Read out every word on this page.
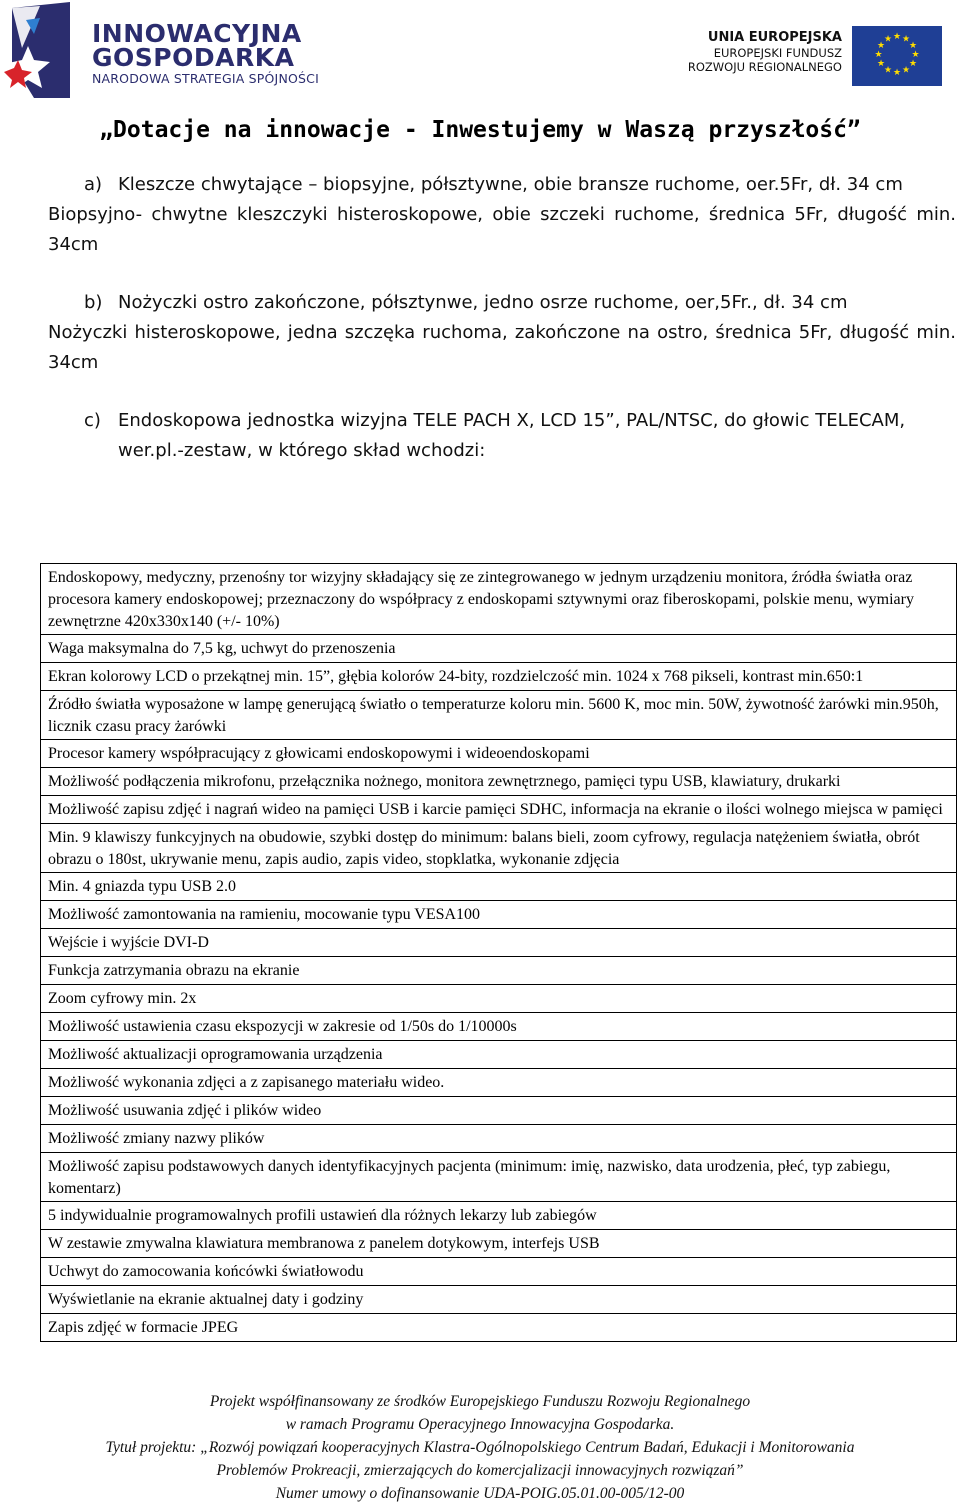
INNOWACYJNA
GOSPODARKA
NARODOWA STRATEGIA SPÓJNOŚCI
UNIA EUROPEJSKA
EUROPEJSKI FUNDUSZ
ROZWOJU REGIONALNEGO
★ ★
★
★
★
★
★
★
★
★
★
★
„Dotacje na innowacje - Inwestujemy w Waszą przyszłość”
a) Kleszcze chwytające – biopsyjne, półsztywne, obie bransze ruchome, oer.5Fr, dł. 34 cm
Biopsyjno- chwytne kleszczyki histeroskopowe, obie szczeki ruchome, średnica 5Fr, długość min. 34cm
b) Nożyczki ostro zakończone, półsztynwe, jedno osrze ruchome, oer,5Fr., dł. 34 cm
Nożyczki histeroskopowe, jedna szczęka ruchoma, zakończone na ostro, średnica 5Fr, długość min. 34cm
c) Endoskopowa jednostka wizyjna TELE PACH X, LCD 15”, PAL/NTSC, do głowic TELECAM, wer.pl.-zestaw, w którego skład wchodzi:
Endoskopowy, medyczny, przenośny tor wizyjny składający się ze zintegrowanego w jednym urządzeniu monitora, źródła światła oraz procesora kamery endoskopowej; przeznaczony do współpracy z endoskopami sztywnymi oraz fiberoskopami, polskie menu, wymiary zewnętrzne 420x330x140 (+/- 10%)
Waga maksymalna do 7,5 kg, uchwyt do przenoszenia
Ekran kolorowy LCD o przekątnej min. 15”, głębia kolorów 24-bity, rozdzielczość min. 1024 x 768 pikseli, kontrast min.650:1
Źródło światła wyposażone w lampę generującą światło o temperaturze koloru min. 5600 K, moc min. 50W, żywotność żarówki min.950h, licznik czasu pracy żarówki
Procesor kamery współpracujący z głowicami endoskopowymi i wideoendoskopami
Możliwość podłączenia mikrofonu, przełącznika nożnego, monitora zewnętrznego, pamięci typu USB, klawiatury, drukarki
Możliwość zapisu zdjęć i nagrań wideo na pamięci USB i karcie pamięci SDHC, informacja na ekranie o ilości wolnego miejsca w pamięci
Min. 9 klawiszy funkcyjnych na obudowie, szybki dostęp do minimum: balans bieli, zoom cyfrowy, regulacja natężeniem światła, obrót obrazu o 180st, ukrywanie menu, zapis audio, zapis video, stopklatka, wykonanie zdjęcia
Min. 4 gniazda typu USB 2.0
Możliwość zamontowania na ramieniu, mocowanie typu VESA100
Wejście i wyjście DVI-D
Funkcja zatrzymania obrazu na ekranie
Zoom cyfrowy min. 2x
Możliwość ustawienia czasu ekspozycji w zakresie od 1/50s do 1/10000s
Możliwość aktualizacji oprogramowania urządzenia
Możliwość wykonania zdjęci a z zapisanego materiału wideo.
Możliwość usuwania zdjęć i plików wideo
Możliwość zmiany nazwy plików
Możliwość zapisu podstawowych danych identyfikacyjnych pacjenta (minimum: imię, nazwisko, data urodzenia, płeć, typ zabiegu, komentarz)
5 indywidualnie programowalnych profili ustawień dla różnych lekarzy lub zabiegów
W zestawie zmywalna klawiatura membranowa z panelem dotykowym, interfejs USB
Uchwyt do zamocowania końcówki światłowodu
Wyświetlanie na ekranie aktualnej daty i godziny
Zapis zdjęć w formacie JPEG
Projekt współfinansowany ze środków Europejskiego Funduszu Rozwoju Regionalnego
w ramach Programu Operacyjnego Innowacyjna Gospodarka.
Tytuł projektu: „Rozwój powiązań kooperacyjnych Klastra-Ogólnopolskiego Centrum Badań, Edukacji i Monitorowania
Problemów Prokreacji, zmierzających do komercjalizacji innowacyjnych rozwiązań”
Numer umowy o dofinansowanie UDA-POIG.05.01.00-005/12-00
